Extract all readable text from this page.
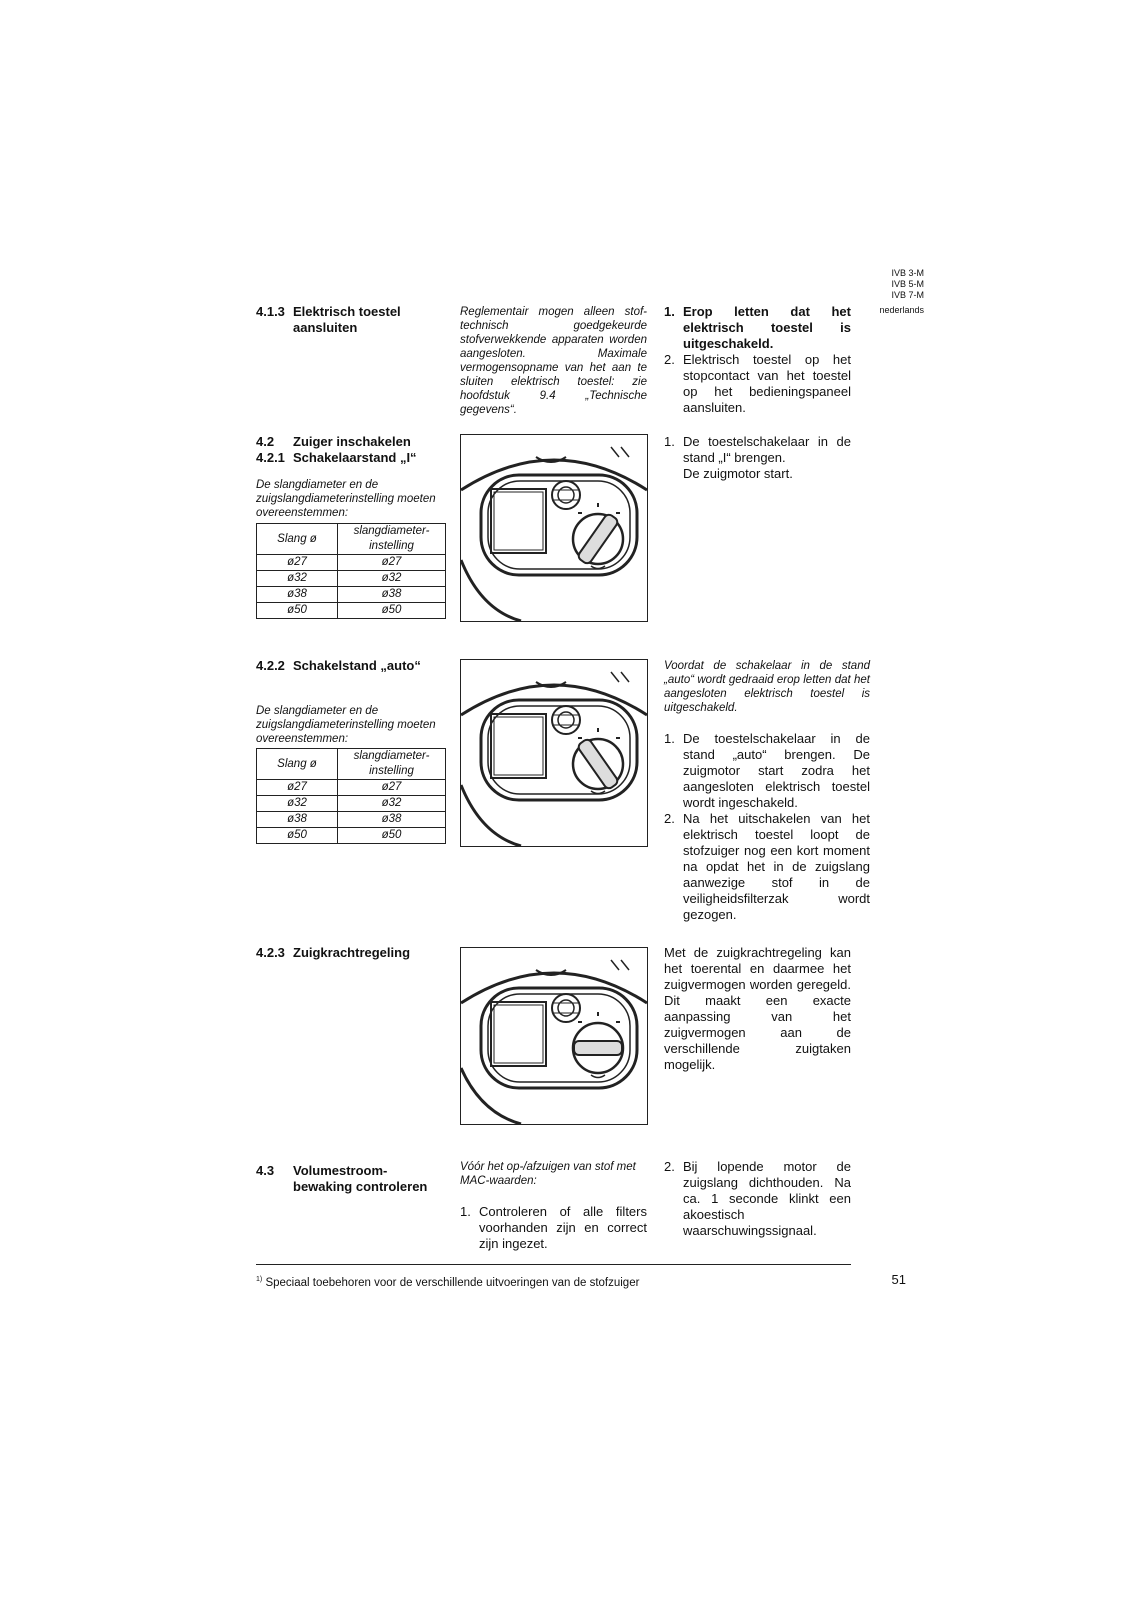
IVB 3-M
IVB 5-M
IVB 7-M
nederlands
4.1.3 Elektrisch toestel
aansluiten
Reglementair mogen alleen stof-technisch goedgekeurde stofverwekkende apparaten worden aangesloten. Maximale vermogensopname van het aan te sluiten elektrisch toestel: zie hoofdstuk 9.4 „Technische gegevens“.
1. Erop letten dat het elektrisch toestel is uitgeschakeld.
2. Elektrisch toestel op het stopcontact van het toestel op het bedieningspaneel aansluiten.
4.2 Zuiger inschakelen
4.2.1 Schakelaarstand „I“
De slangdiameter en de zuigslangdiameterinstelling moeten overeenstemmen:
Slang ø	slangdiameter-instelling
ø27	ø27
ø32	ø32
ø38	ø38
ø50	ø50
1. De toestelschakelaar in de stand „I“ brengen.
De zuigmotor start.
4.2.2 Schakelstand „auto“
De slangdiameter en de zuigslangdiameterinstelling moeten overeenstemmen:
Slang ø	slangdiameter-instelling
ø27	ø27
ø32	ø32
ø38	ø38
ø50	ø50
Voordat de schakelaar in de stand „auto“ wordt gedraaid erop letten dat het aangesloten elektrisch toestel is uitgeschakeld.
1. De toestelschakelaar in de stand „auto“ brengen. De zuigmotor start zodra het aangesloten elektrisch toestel wordt ingeschakeld.
2. Na het uitschakelen van het elektrisch toestel loopt de stofzuiger nog een kort moment na opdat het in de zuigslang aanwezige stof in de veiligheidsfilterzak wordt gezogen.
4.2.3 Zuigkrachtregeling	Met de zuigkrachtregeling kan het toerental en daarmee het zuigvermogen worden geregeld. Dit maakt een exacte aanpassing van het zuigvermogen aan de verschillende zuigtaken mogelijk.
4.3 Volumestroom-
bewaking controleren
Vóór het op-/afzuigen van stof met MAC-waarden:
1. Controleren of alle filters voorhanden zijn en correct zijn ingezet.
2. Bij lopende motor de zuigslang dichthouden. Na ca. 1 seconde klinkt een akoestisch waarschuwingssignaal.
$^{1)}$ Speciaal toebehoren voor de verschillende uitvoeringen van de stofzuiger	51
